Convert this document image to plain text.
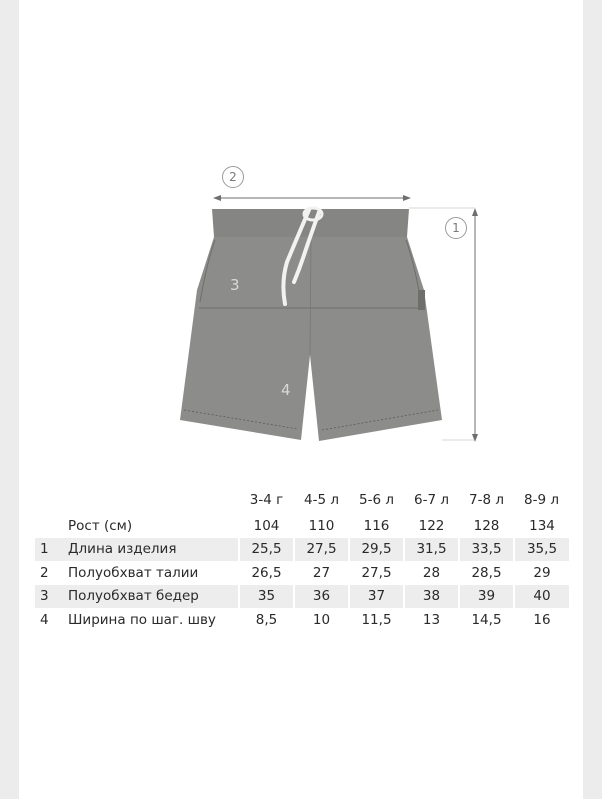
2
1
3
4
		3-4 г	4-5 л	5-6 л	6-7 л	7-8 л	8-9 л
	Рост (см)	104	110	116	122	128	134
1	Длина изделия	25,5	27,5	29,5	31,5	33,5	35,5
2	Полуобхват талии	26,5	27	27,5	28	28,5	29
3	Полуобхват бедер	35	36	37	38	39	40
4	Ширина по шаг. шву	8,5	10	11,5	13	14,5	16
